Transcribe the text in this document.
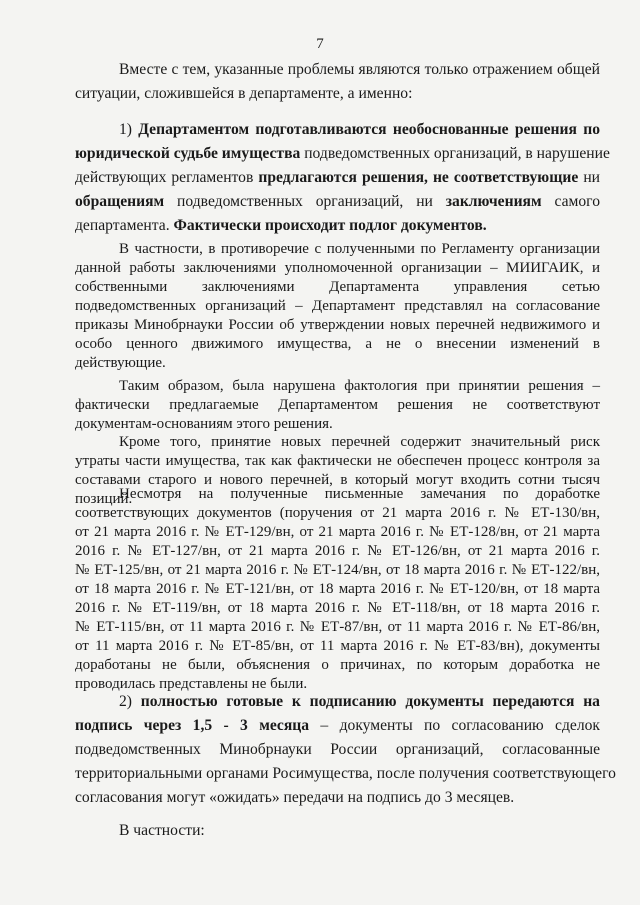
7
Вместе с тем, указанные проблемы являются только отражением общей
ситуации, сложившейся в департаменте, а именно:
1) Департаментом подготавливаются необоснованные решения по
юридической судьбе имущества подведомственных организаций, в нарушение
действующих регламентов предлагаются решения, не соответствующие ни
обращениям подведомственных организаций, ни заключениям самого
департамента. Фактически происходит подлог документов.
В частности, в противоречие с полученными по Регламенту организации
данной работы заключениями уполномоченной организации – МИИГАИК, и
собственными заключениями Департамента управления сетью
подведомственных организаций – Департамент представлял на согласование
приказы Минобрнауки России об утверждении новых перечней недвижимого и
особо ценного движимого имущества, а не о внесении изменений в
действующие.
Таким образом, была нарушена фактология при принятии решения –
фактически предлагаемые Департаментом решения не соответствуют
документам-основаниям этого решения.
Кроме того, принятие новых перечней содержит значительный риск
утраты части имущества, так как фактически не обеспечен процесс контроля за
составами старого и нового перечней, в который могут входить сотни тысяч
позиций.
Несмотря на полученные письменные замечания по доработке
соответствующих документов (поручения от 21 марта 2016 г. № ЕТ-130/вн,
от 21 марта 2016 г. № ЕТ-129/вн, от 21 марта 2016 г. № ЕТ-128/вн, от 21 марта
2016 г. № ЕТ-127/вн, от 21 марта 2016 г. № ЕТ-126/вн, от 21 марта 2016 г.
№ ЕТ-125/вн, от 21 марта 2016 г. № ЕТ-124/вн, от 18 марта 2016 г. № ЕТ-122/вн,
от 18 марта 2016 г. № ЕТ-121/вн, от 18 марта 2016 г. № ЕТ-120/вн, от 18 марта
2016 г. № ЕТ-119/вн, от 18 марта 2016 г. № ЕТ-118/вн, от 18 марта 2016 г.
№ ЕТ-115/вн, от 11 марта 2016 г. № ЕТ-87/вн, от 11 марта 2016 г. № ЕТ-86/вн,
от 11 марта 2016 г. № ЕТ-85/вн, от 11 марта 2016 г. № ЕТ-83/вн), документы
доработаны не были, объяснения о причинах, по которым доработка не
проводилась представлены не были.
2) полностью готовые к подписанию документы передаются на
подпись через 1,5 - 3 месяца – документы по согласованию сделок
подведомственных Минобрнауки России организаций, согласованные
территориальными органами Росимущества, после получения соответствующего
согласования могут «ожидать» передачи на подпись до 3 месяцев.
В частности:
